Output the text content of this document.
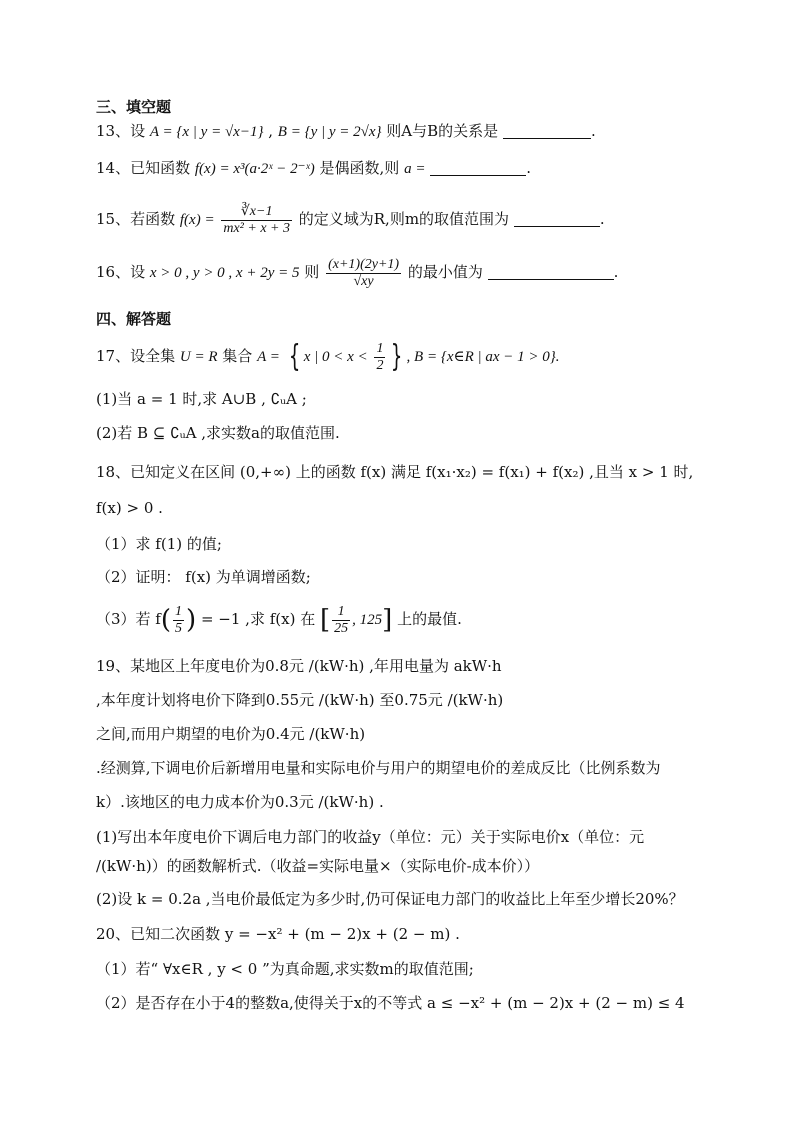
三、填空题
13、设 A = {x | y = √x−1} , B = {y | y = 2√x} 则A与B的关系是	.
14、已知函数 f(x) = x³(a·2ˣ − 2⁻ˣ) 是偶函数,则 a =	.
15、若函数 $f(x) = \frac{∛x-1}{\text{mx² + x + 3}}$ 的定义域为R,则m的取值范围为	.
16、设 x > 0 , y > 0 , x + 2y = 5 则 $\frac{(x+1)(2y+1)}{√xy}$ 的最小值为	.
四、解答题
17、设全集 U = R 集合 A = { x | $0 < x < \frac{1}{2}$ } , B = {x∈R | ax − 1 > 0}.
(1)当 a = 1 时,求 A∪B , ∁ᵤA ;
(2)若 B ⊆ ∁ᵤA ,求实数a的取值范围.
18、已知定义在区间 (0,+∞) 上的函数 f(x) 满足 f(x₁·x₂) = f(x₁) + f(x₂) ,且当 x > 1 时,
f(x) > 0 .
（1）求 f(1) 的值;
（2）证明： f(x) 为单调增函数;
（3）若 $f( \frac{1}{5}$ ) = −1 ,求 f(x) 在 [ $\frac{1}{25}$ , 125] 上的最值.
19、某地区上年度电价为0.8元 /(kW·h) ,年用电量为 akW·h
,本年度计划将电价下降到0.55元 /(kW·h) 至0.75元 /(kW·h)
之间,而用户期望的电价为0.4元 /(kW·h)
.经测算,下调电价后新增用电量和实际电价与用户的期望电价的差成反比（比例系数为
k）.该地区的电力成本价为0.3元 /(kW·h) .
(1)写出本年度电价下调后电力部门的收益y（单位：元）关于实际电价x（单位：元
/(kW·h)）的函数解析式.（收益=实际电量×（实际电价-成本价））
(2)设 k = 0.2a ,当电价最低定为多少时,仍可保证电力部门的收益比上年至少增长20%？
20、已知二次函数 y = −x² + (m − 2)x + (2 − m) .
（1）若“ ∀x∈R , y < 0 ”为真命题,求实数m的取值范围;
（2）是否存在小于4的整数a,使得关于x的不等式 a ≤ −x² + (m − 2)x + (2 − m) ≤ 4
